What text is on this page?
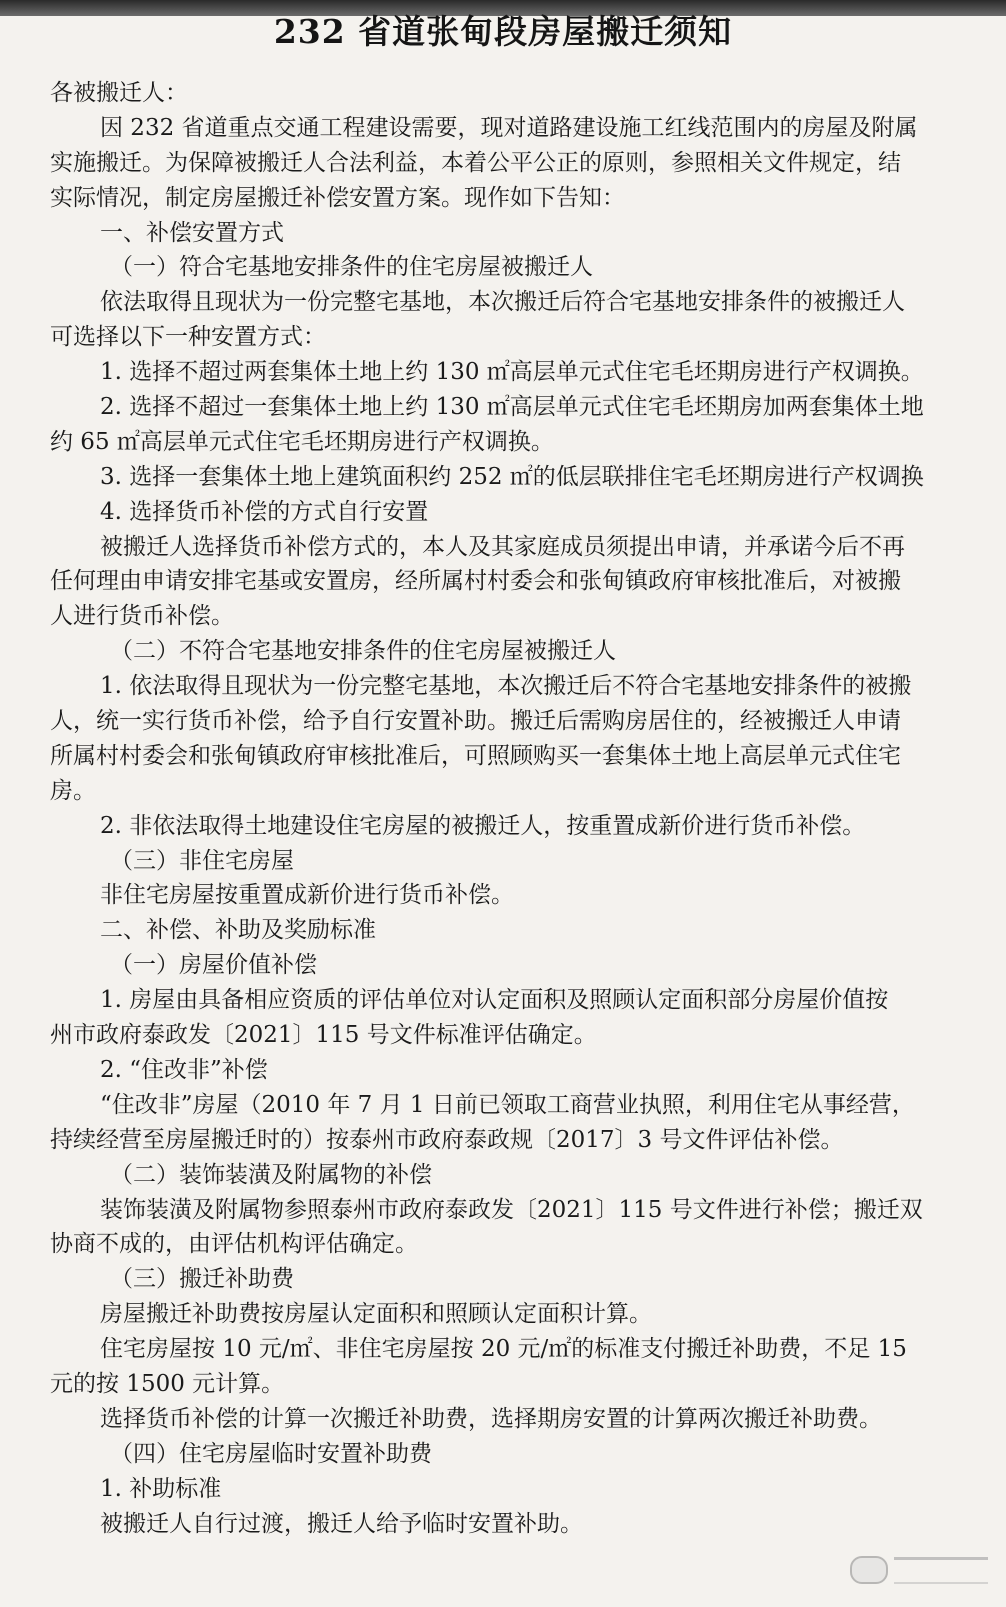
232 省道张甸段房屋搬迁须知
各被搬迁人：
因 232 省道重点交通工程建设需要，现对道路建设施工红线范围内的房屋及附属
实施搬迁。为保障被搬迁人合法利益，本着公平公正的原则，参照相关文件规定，结
实际情况，制定房屋搬迁补偿安置方案。现作如下告知：
一、补偿安置方式
（一）符合宅基地安排条件的住宅房屋被搬迁人
依法取得且现状为一份完整宅基地，本次搬迁后符合宅基地安排条件的被搬迁人
可选择以下一种安置方式：
1. 选择不超过两套集体土地上约 130 ㎡高层单元式住宅毛坯期房进行产权调换。
2. 选择不超过一套集体土地上约 130 ㎡高层单元式住宅毛坯期房加两套集体土地
约 65 ㎡高层单元式住宅毛坯期房进行产权调换。
3. 选择一套集体土地上建筑面积约 252 ㎡的低层联排住宅毛坯期房进行产权调换
4. 选择货币补偿的方式自行安置
被搬迁人选择货币补偿方式的，本人及其家庭成员须提出申请，并承诺今后不再
任何理由申请安排宅基或安置房，经所属村村委会和张甸镇政府审核批准后，对被搬
人进行货币补偿。
（二）不符合宅基地安排条件的住宅房屋被搬迁人
1. 依法取得且现状为一份完整宅基地，本次搬迁后不符合宅基地安排条件的被搬
人，统一实行货币补偿，给予自行安置补助。搬迁后需购房居住的，经被搬迁人申请
所属村村委会和张甸镇政府审核批准后，可照顾购买一套集体土地上高层单元式住宅
房。
2. 非依法取得土地建设住宅房屋的被搬迁人，按重置成新价进行货币补偿。
（三）非住宅房屋
非住宅房屋按重置成新价进行货币补偿。
二、补偿、补助及奖励标准
（一）房屋价值补偿
1. 房屋由具备相应资质的评估单位对认定面积及照顾认定面积部分房屋价值按
州市政府泰政发〔2021〕115 号文件标准评估确定。
2. “住改非”补偿
“住改非”房屋（2010 年 7 月 1 日前已领取工商营业执照，利用住宅从事经营，
持续经营至房屋搬迁时的）按泰州市政府泰政规〔2017〕3 号文件评估补偿。
（二）装饰装潢及附属物的补偿
装饰装潢及附属物参照泰州市政府泰政发〔2021〕115 号文件进行补偿；搬迁双
协商不成的，由评估机构评估确定。
（三）搬迁补助费
房屋搬迁补助费按房屋认定面积和照顾认定面积计算。
住宅房屋按 10 元/㎡、非住宅房屋按 20 元/㎡的标准支付搬迁补助费，不足 15
元的按 1500 元计算。
选择货币补偿的计算一次搬迁补助费，选择期房安置的计算两次搬迁补助费。
（四）住宅房屋临时安置补助费
1. 补助标准
被搬迁人自行过渡，搬迁人给予临时安置补助。
